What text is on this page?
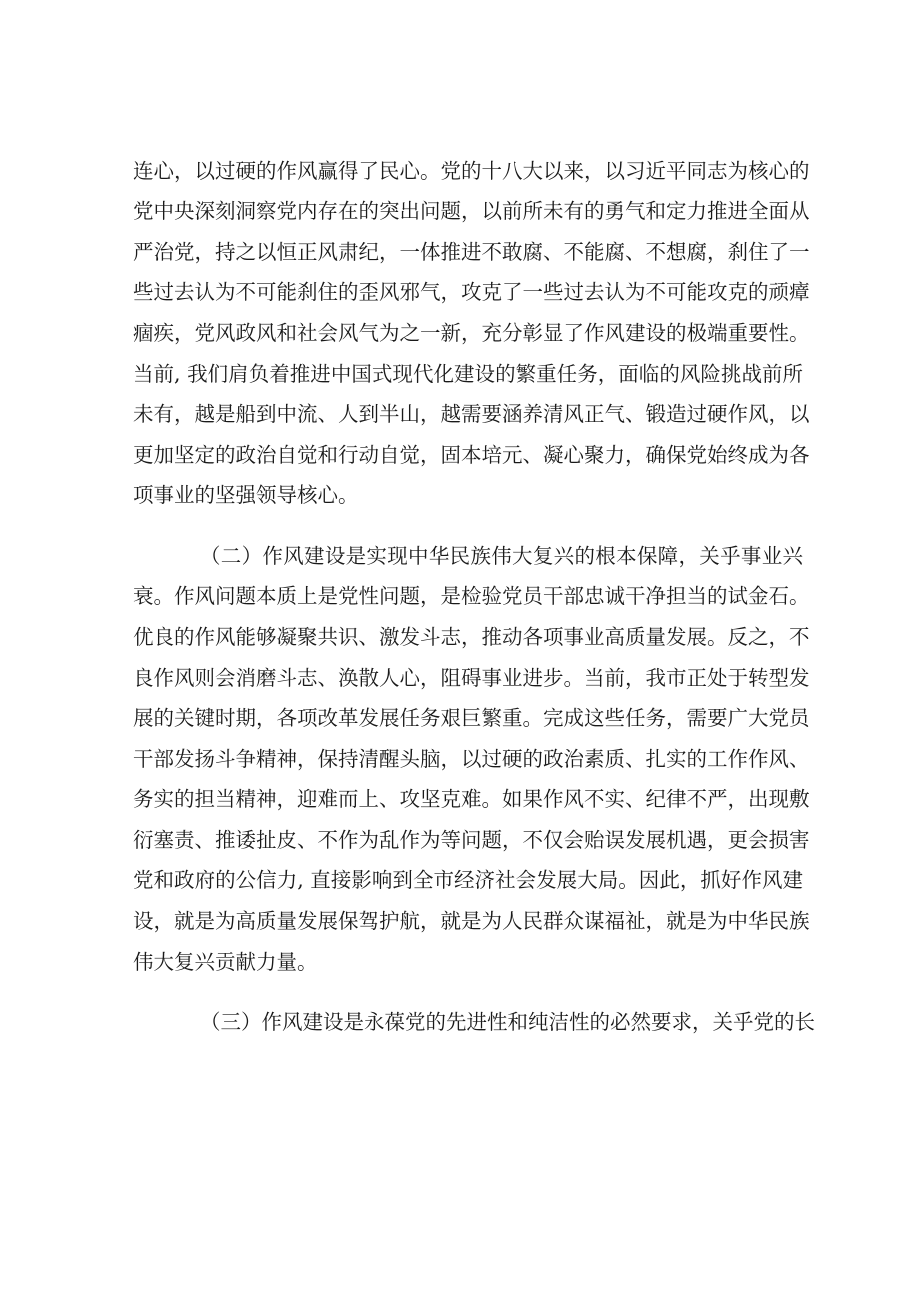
连心，以过硬的作风赢得了民心。党的十八大以来，以习近平同志为核心的
党中央深刻洞察党内存在的突出问题，以前所未有的勇气和定力推进全面从
严治党，持之以恒正风肃纪，一体推进不敢腐、不能腐、不想腐，刹住了一
些过去认为不可能刹住的歪风邪气，攻克了一些过去认为不可能攻克的顽瘴
痼疾，党风政风和社会风气为之一新，充分彰显了作风建设的极端重要性。
当前, 我们肩负着推进中国式现代化建设的繁重任务，面临的风险挑战前所
未有，越是船到中流、人到半山，越需要涵养清风正气、锻造过硬作风，以
更加坚定的政治自觉和行动自觉，固本培元、凝心聚力，确保党始终成为各
项事业的坚强领导核心。
（二）作风建设是实现中华民族伟大复兴的根本保障，关乎事业兴
衰。作风问题本质上是党性问题，是检验党员干部忠诚干净担当的试金石。
优良的作风能够凝聚共识、激发斗志，推动各项事业高质量发展。反之，不
良作风则会消磨斗志、涣散人心，阻碍事业进步。当前，我市正处于转型发
展的关键时期，各项改革发展任务艰巨繁重。完成这些任务，需要广大党员
干部发扬斗争精神，保持清醒头脑，以过硬的政治素质、扎实的工作作风、
务实的担当精神，迎难而上、攻坚克难。如果作风不实、纪律不严，出现敷
衍塞责、推诿扯皮、不作为乱作为等问题，不仅会贻误发展机遇，更会损害
党和政府的公信力, 直接影响到全市经济社会发展大局。因此，抓好作风建
设，就是为高质量发展保驾护航，就是为人民群众谋福祉，就是为中华民族
伟大复兴贡献力量。
（三）作风建设是永葆党的先进性和纯洁性的必然要求，关乎党的长
